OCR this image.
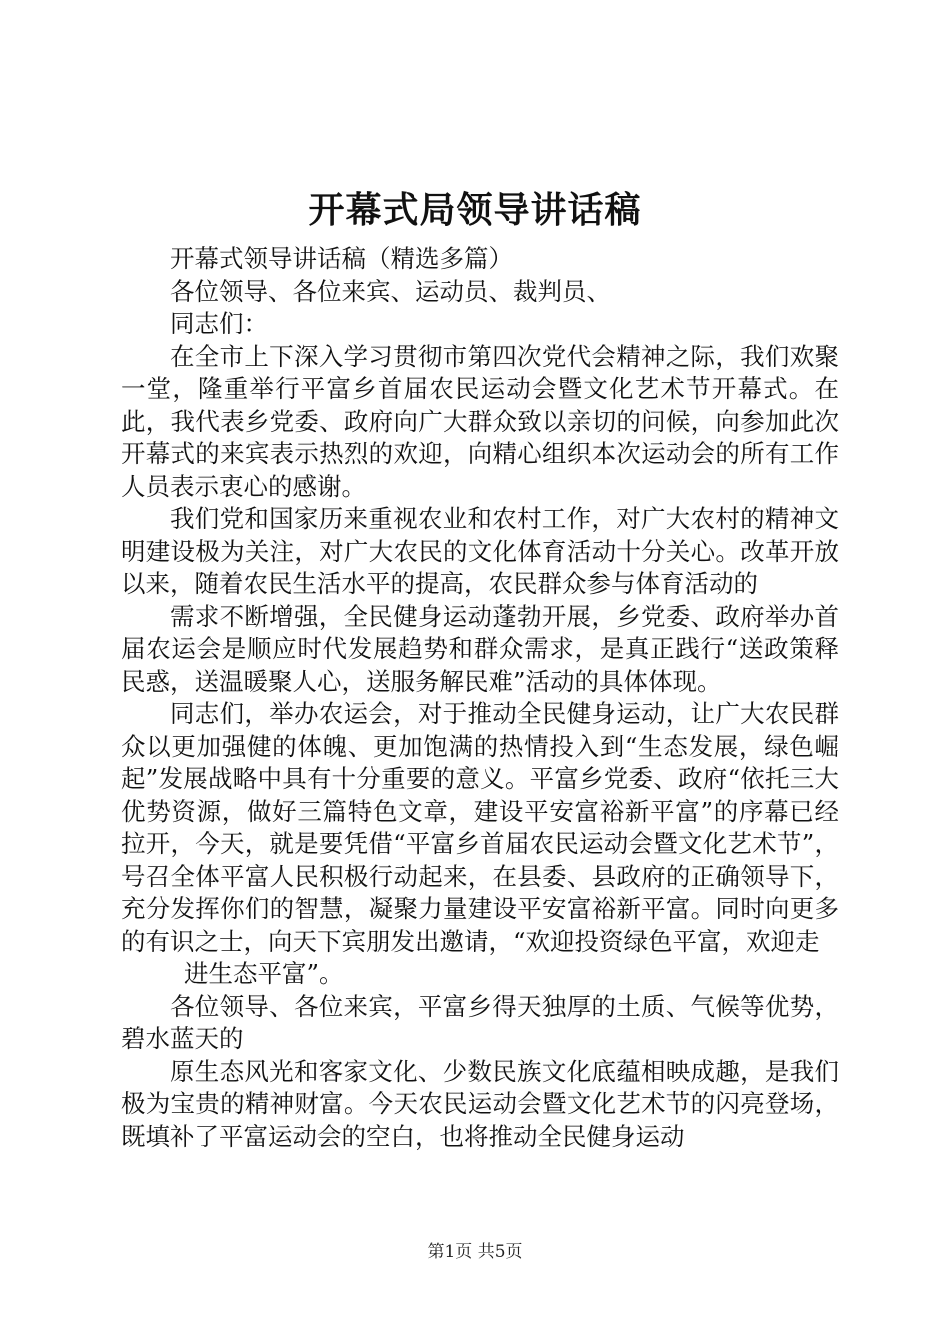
开幕式局领导讲话稿

开幕式领导讲话稿（精选多篇）

各位领导、各位来宾、运动员、裁判员、

同志们：

在全市上下深入学习贯彻市第四次党代会精神之际，我们欢聚一堂，隆重举行平富乡首届农民运动会暨文化艺术节开幕式。在此，我代表乡党委、政府向广大群众致以亲切的问候，向参加此次开幕式的来宾表示热烈的欢迎，向精心组织本次运动会的所有工作人员表示衷心的感谢。

我们党和国家历来重视农业和农村工作，对广大农村的精神文明建设极为关注，对广大农民的文化体育活动十分关心。改革开放以来，随着农民生活水平的提高，农民群众参与体育活动的

需求不断增强，全民健身运动蓬勃开展，乡党委、政府举办首届农运会是顺应时代发展趋势和群众需求，是真正践行“送政策释民惑，送温暖聚人心，送服务解民难”活动的具体体现。

同志们，举办农运会，对于推动全民健身运动，让广大农民群众以更加强健的体魄、更加饱满的热情投入到“生态发展，绿色崛起”发展战略中具有十分重要的意义。平富乡党委、政府“依托三大优势资源，做好三篇特色文章，建设平安富裕新平富”的序幕已经拉开，今天，就是要凭借“平富乡首届农民运动会暨文化艺术节”，号召全体平富人民积极行动起来，在县委、县政府的正确领导下，充分发挥你们的智慧，凝聚力量建设平安富裕新平富。同时向更多的有识之士，向天下宾朋发出邀请，“欢迎投资绿色平富，欢迎走

进生态平富”。

各位领导、各位来宾，平富乡得天独厚的土质、气候等优势，碧水蓝天的

原生态风光和客家文化、少数民族文化底蕴相映成趣，是我们极为宝贵的精神财富。今天农民运动会暨文化艺术节的闪亮登场，既填补了平富运动会的空白，也将推动全民健身运动

第1页 共5页
